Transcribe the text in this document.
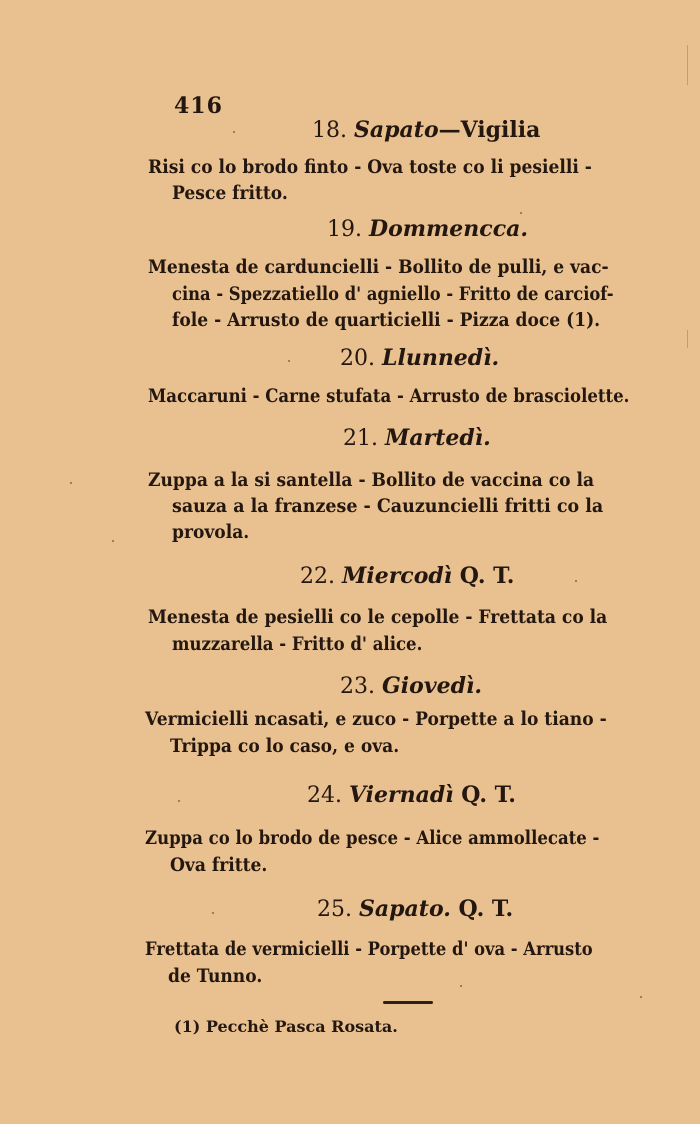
416
18. Sapato—Vigilia
Risi co lo brodo finto - Ova toste co li pesielli -
Pesce fritto.
19. Dommencca.
Menesta de carduncielli - Bollito de pulli, e vac-
cina - Spezzatiello d' agniello - Fritto de carciof-
fole - Arrusto de quarticielli - Pizza doce (1).
20. Llunnedì.
Maccaruni - Carne stufata - Arrusto de brasciolette.
21. Martedì.
Zuppa a la si santella - Bollito de vaccina co la
sauza a la franzese - Cauzuncielli fritti co la
provola.
22. Miercodì Q. T.
Menesta de pesielli co le cepolle - Frettata co la
muzzarella - Fritto d' alice.
23. Giovedì.
Vermicielli ncasati, e zuco - Porpette a lo tiano -
Trippa co lo caso, e ova.
24. Viernadì Q. T.
Zuppa co lo brodo de pesce - Alice ammollecate -
Ova fritte.
25. Sapato. Q. T.
Frettata de vermicielli - Porpette d' ova - Arrusto
de Tunno.
(1) Pecchè Pasca Rosata.
